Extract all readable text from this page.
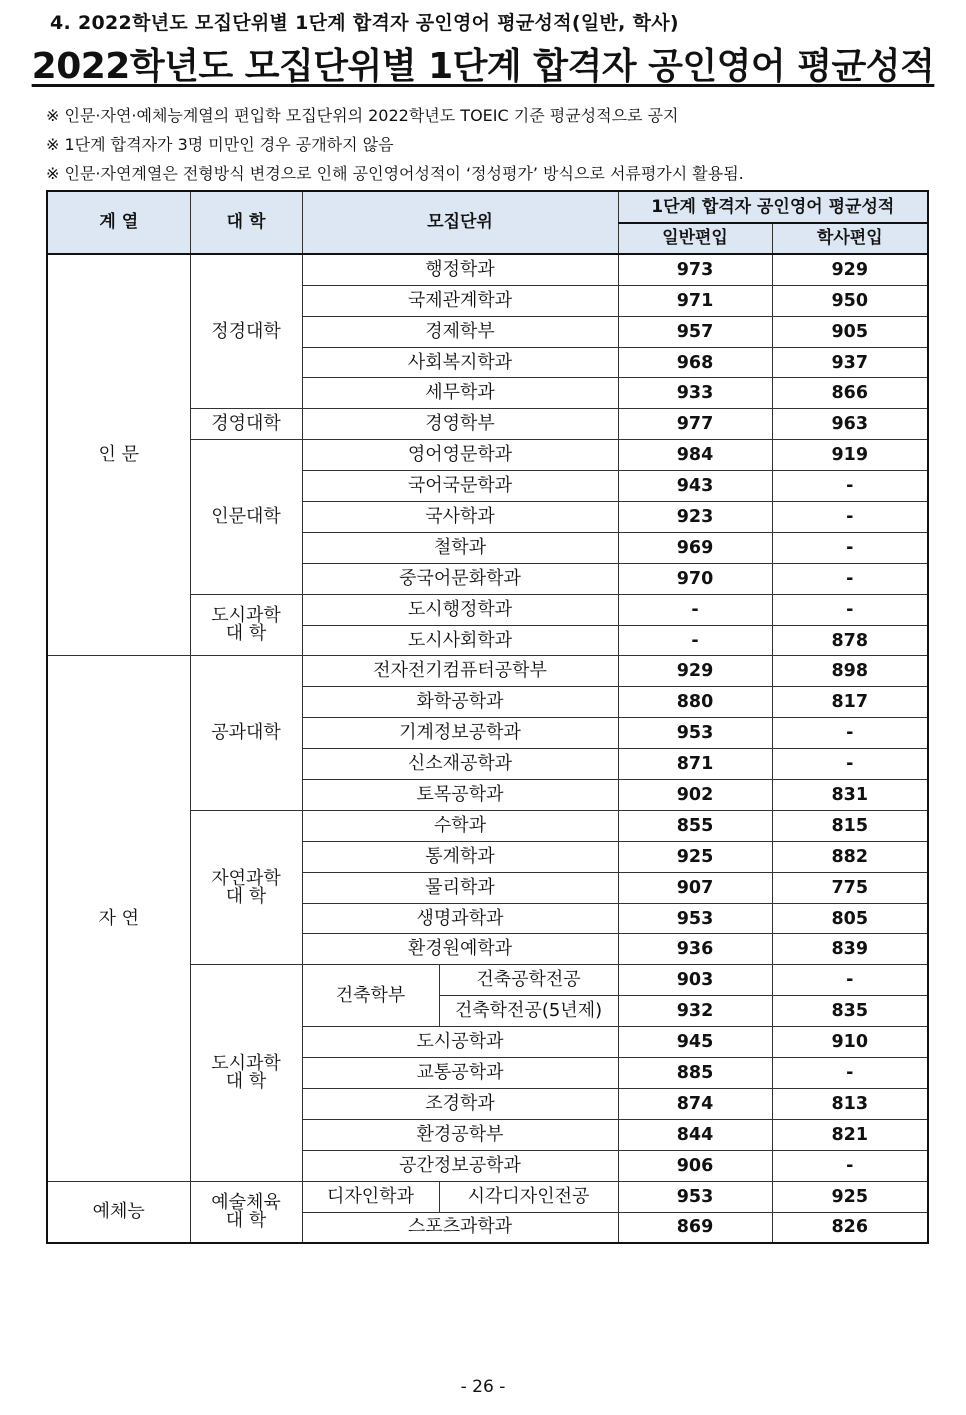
4. 2022학년도 모집단위별 1단계 합격자 공인영어 평균성적(일반, 학사)
2022학년도 모집단위별 1단계 합격자 공인영어 평균성적
※ 인문·자연·예체능계열의 편입학 모집단위의 2022학년도 TOEIC 기준 평균성적으로 공지
※ 1단계 합격자가 3명 미만인 경우 공개하지 않음
※ 인문·자연계열은 전형방식 변경으로 인해 공인영어성적이 ‘정성평가’ 방식으로 서류평가시 활용됨.
계 열	대 학	모집단위		1단계 합격자 공인영어 평균성적	
				일반편입	학사편입
인 문	정경대학	행정학과		973	929
		국제관계학과		971	950
		경제학부		957	905
		사회복지학과		968	937
		세무학과		933	866
	경영대학	경영학부		977	963
	인문대학	영어영문학과		984	919
		국어국문학과		943	-
		국사학과		923	-
		철학과		969	-
		중국어문화학과		970	-
	도시과학
대 학	도시행정학과		-	-
		도시사회학과		-	878
자 연	공과대학	전자전기컴퓨터공학부		929	898
		화학공학과		880	817
		기계정보공학과		953	-
		신소재공학과		871	-
		토목공학과		902	831
	자연과학
대 학	수학과		855	815
		통계학과		925	882
		물리학과		907	775
		생명과학과		953	805
		환경원예학과		936	839
	도시과학
대 학	건축학부	건축공학전공	903	-
			건축학전공(5년제)	932	835
		도시공학과		945	910
		교통공학과		885	-
		조경학과		874	813
		환경공학부		844	821
		공간정보공학과		906	-
예체능	예술체육
대 학	디자인학과	시각디자인전공	953	925
		스포츠과학과		869	826
- 26 -
